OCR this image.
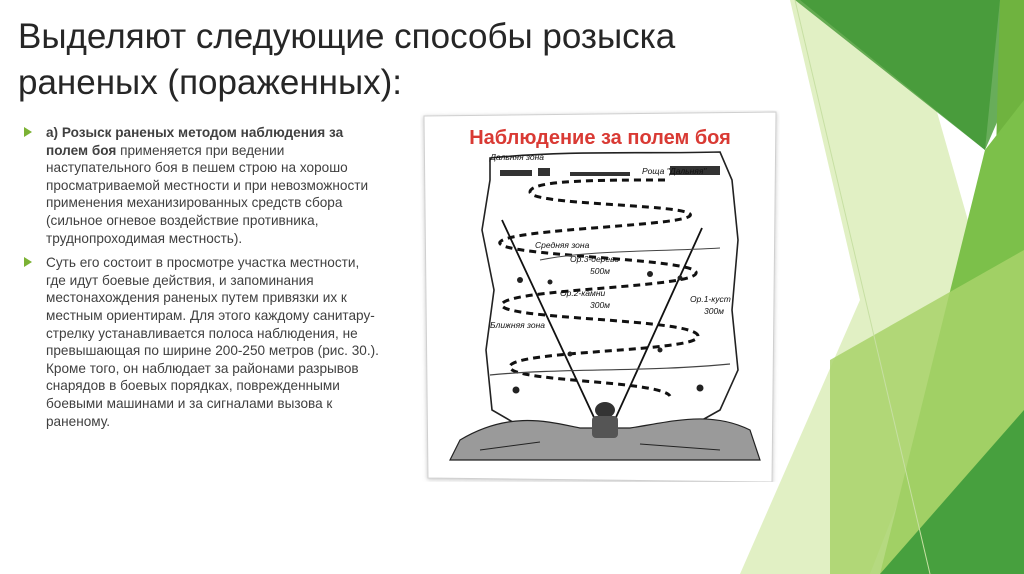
Выделяют следующие способы розыска раненых (пораженных):
а) Розыск раненых методом наблюдения за полем боя применяется при ведении наступательного боя в пешем строю на хорошо просматриваемой местности и при невозможности применения механизированных средств сбора (сильное огневое воздействие противника, труднопроходимая местность).
Суть его состоит в просмотре участка местности, где идут боевые действия, и запоминания местонахождения раненых путем привязки их к местным ориентирам. Для этого каждому санитару-стрелку устанавливается полоса наблюдения, не превышающая по ширине 200-250 метров (рис. 30.). Кроме того, он наблюдает за районами разрывов снарядов в боевых порядках, поврежденными боевыми машинами и за сигналами вызова к раненому.
Наблюдение за полем боя
Дальняя зона
Роща "Дальняя"
Средняя зона
Ор.3-дерево
500м
Ор.2-камни
300м
Ор.1-куст
300м
Ближняя зона
